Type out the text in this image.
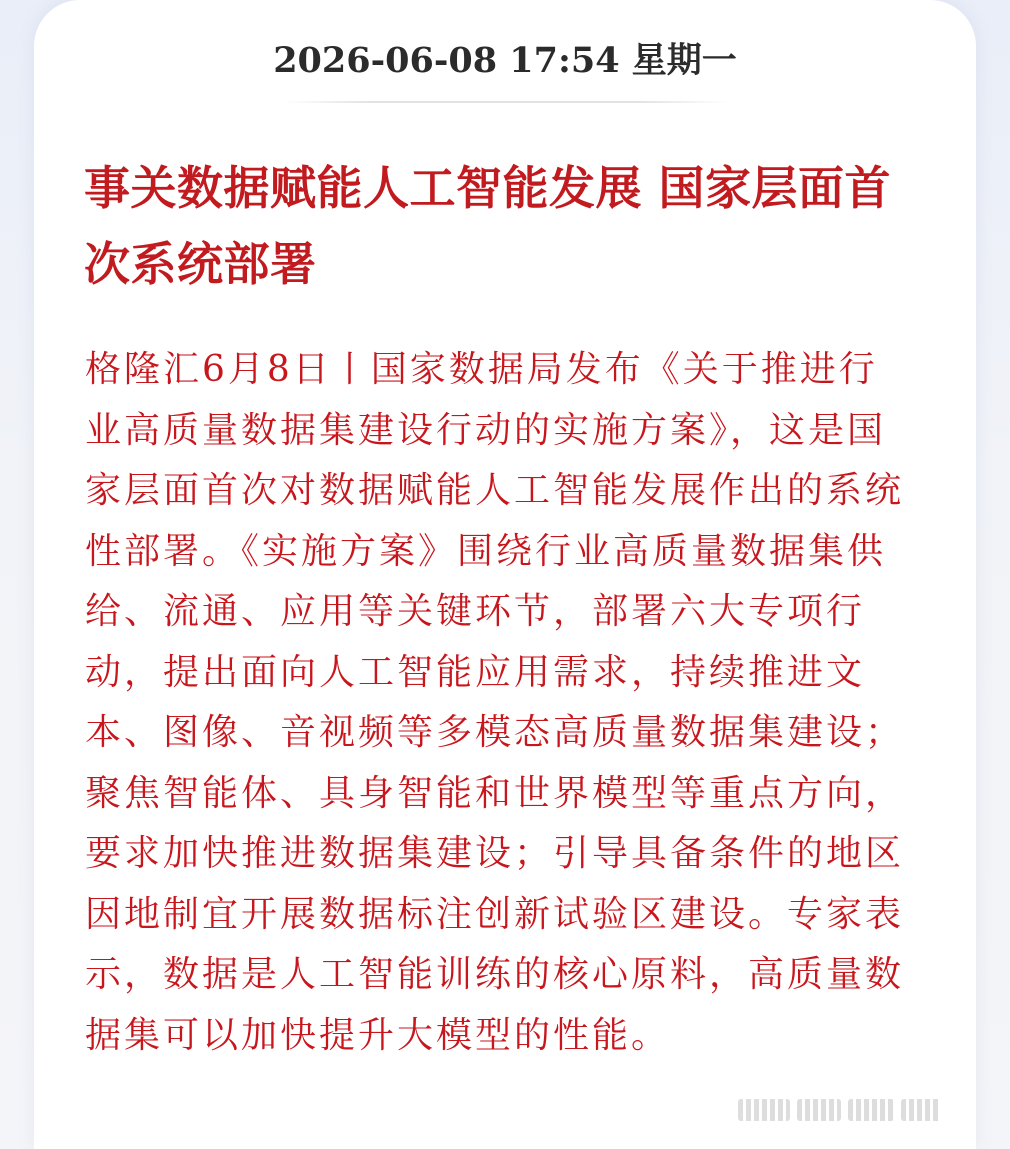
2026-06-08 17:54 星期一
事关数据赋能人工智能发展 国家层面首次系统部署

格隆汇6月8日丨国家数据局发布《关于推进行业高质量数据集建设行动的实施方案》，这是国家层面首次对数据赋能人工智能发展作出的系统性部署。《实施方案》围绕行业高质量数据集供给、流通、应用等关键环节，部署六大专项行动，提出面向人工智能应用需求，持续推进文本、图像、音视频等多模态高质量数据集建设；聚焦智能体、具身智能和世界模型等重点方向，要求加快推进数据集建设；引导具备条件的地区因地制宜开展数据标注创新试验区建设。专家表示，数据是人工智能训练的核心原料，高质量数据集可以加快提升大模型的性能。
